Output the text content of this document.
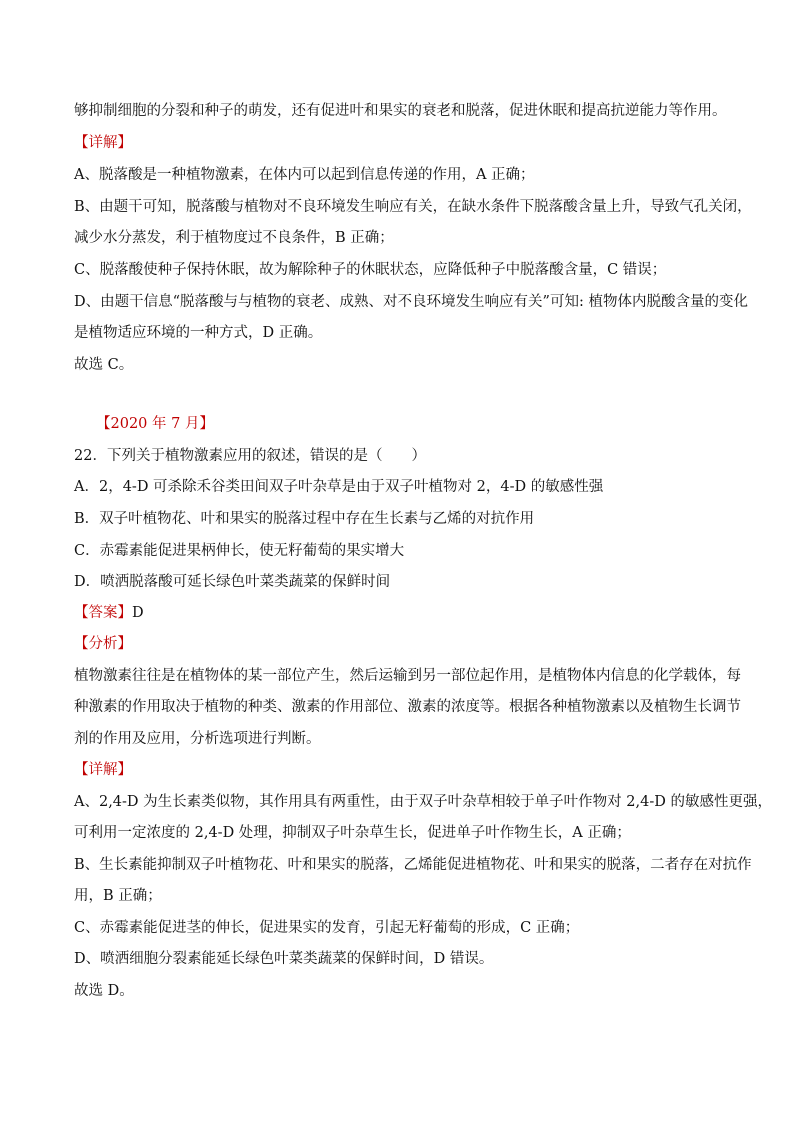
够抑制细胞的分裂和种子的萌发，还有促进叶和果实的衰老和脱落，促进休眠和提高抗逆能力等作用。
【详解】
A、脱落酸是一种植物激素，在体内可以起到信息传递的作用，A 正确；
B、由题干可知，脱落酸与植物对不良环境发生响应有关，在缺水条件下脱落酸含量上升，导致气孔关闭，
减少水分蒸发，利于植物度过不良条件，B 正确；
C、脱落酸使种子保持休眠，故为解除种子的休眠状态，应降低种子中脱落酸含量，C 错误；
D、由题干信息“脱落酸与与植物的衰老、成熟、对不良环境发生响应有关”可知: 植物体内脱酸含量的变化
是植物适应环境的一种方式，D 正确。
故选 C。
【2020 年 7 月】
22．下列关于植物激素应用的叙述，错误的是（　　）
A．2，4-D 可杀除禾谷类田间双子叶杂草是由于双子叶植物对 2，4-D 的敏感性强
B．双子叶植物花、叶和果实的脱落过程中存在生长素与乙烯的对抗作用
C．赤霉素能促进果柄伸长，使无籽葡萄的果实增大
D．喷洒脱落酸可延长绿色叶菜类蔬菜的保鲜时间
【答案】D
【分析】
植物激素往往是在植物体的某一部位产生，然后运输到另一部位起作用，是植物体内信息的化学载体，每
种激素的作用取决于植物的种类、激素的作用部位、激素的浓度等。根据各种植物激素以及植物生长调节
剂的作用及应用，分析选项进行判断。
【详解】
A、2,4-D 为生长素类似物，其作用具有两重性，由于双子叶杂草相较于单子叶作物对 2,4-D 的敏感性更强，
可利用一定浓度的 2,4-D 处理，抑制双子叶杂草生长，促进单子叶作物生长，A 正确；
B、生长素能抑制双子叶植物花、叶和果实的脱落，乙烯能促进植物花、叶和果实的脱落，二者存在对抗作
用，B 正确；
C、赤霉素能促进茎的伸长，促进果实的发育，引起无籽葡萄的形成，C 正确；
D、喷洒细胞分裂素能延长绿色叶菜类蔬菜的保鲜时间，D 错误。
故选 D。
